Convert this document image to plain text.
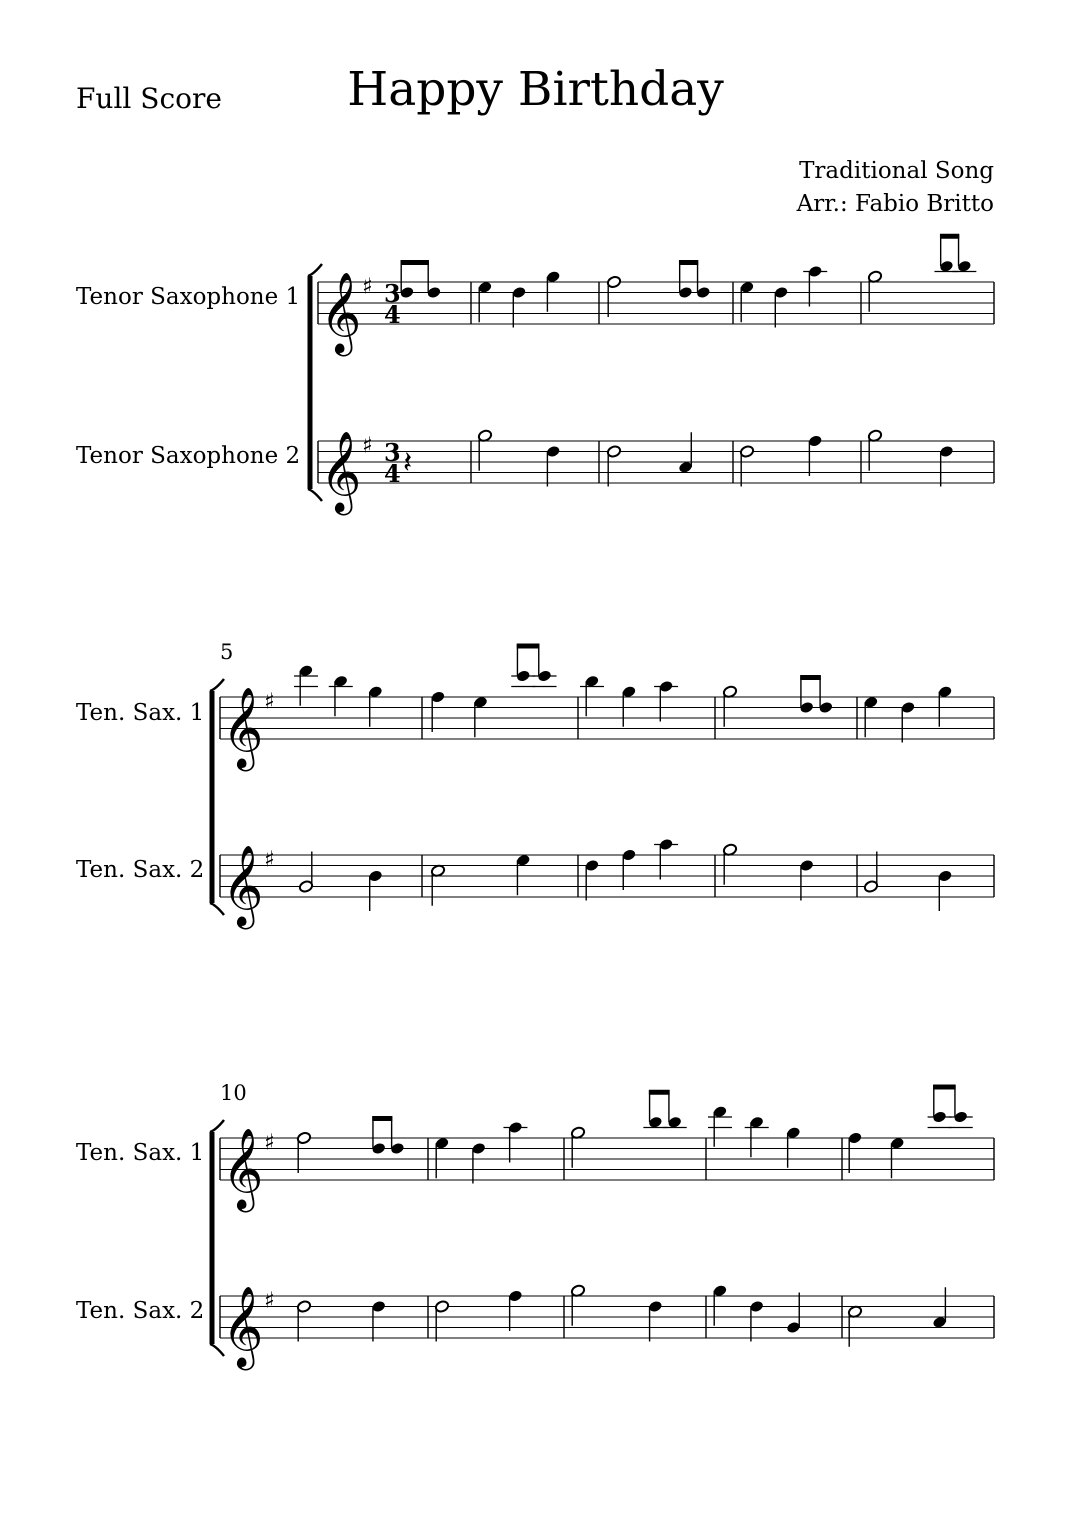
Full Score	Happy Birthday
Traditional Song
Arr.: Fabio Britto
Tenor Saxophone 1
Tenor Saxophone 2
5
Ten. Sax. 1
Ten. Sax. 2
10
Ten. Sax. 1
Ten. Sax. 2
𝄞 ♯ 3
4
𝄞 ♯ 3
4 𝄽
𝄞 ♯
𝄞 ♯
𝄞 ♯
𝄞 ♯
